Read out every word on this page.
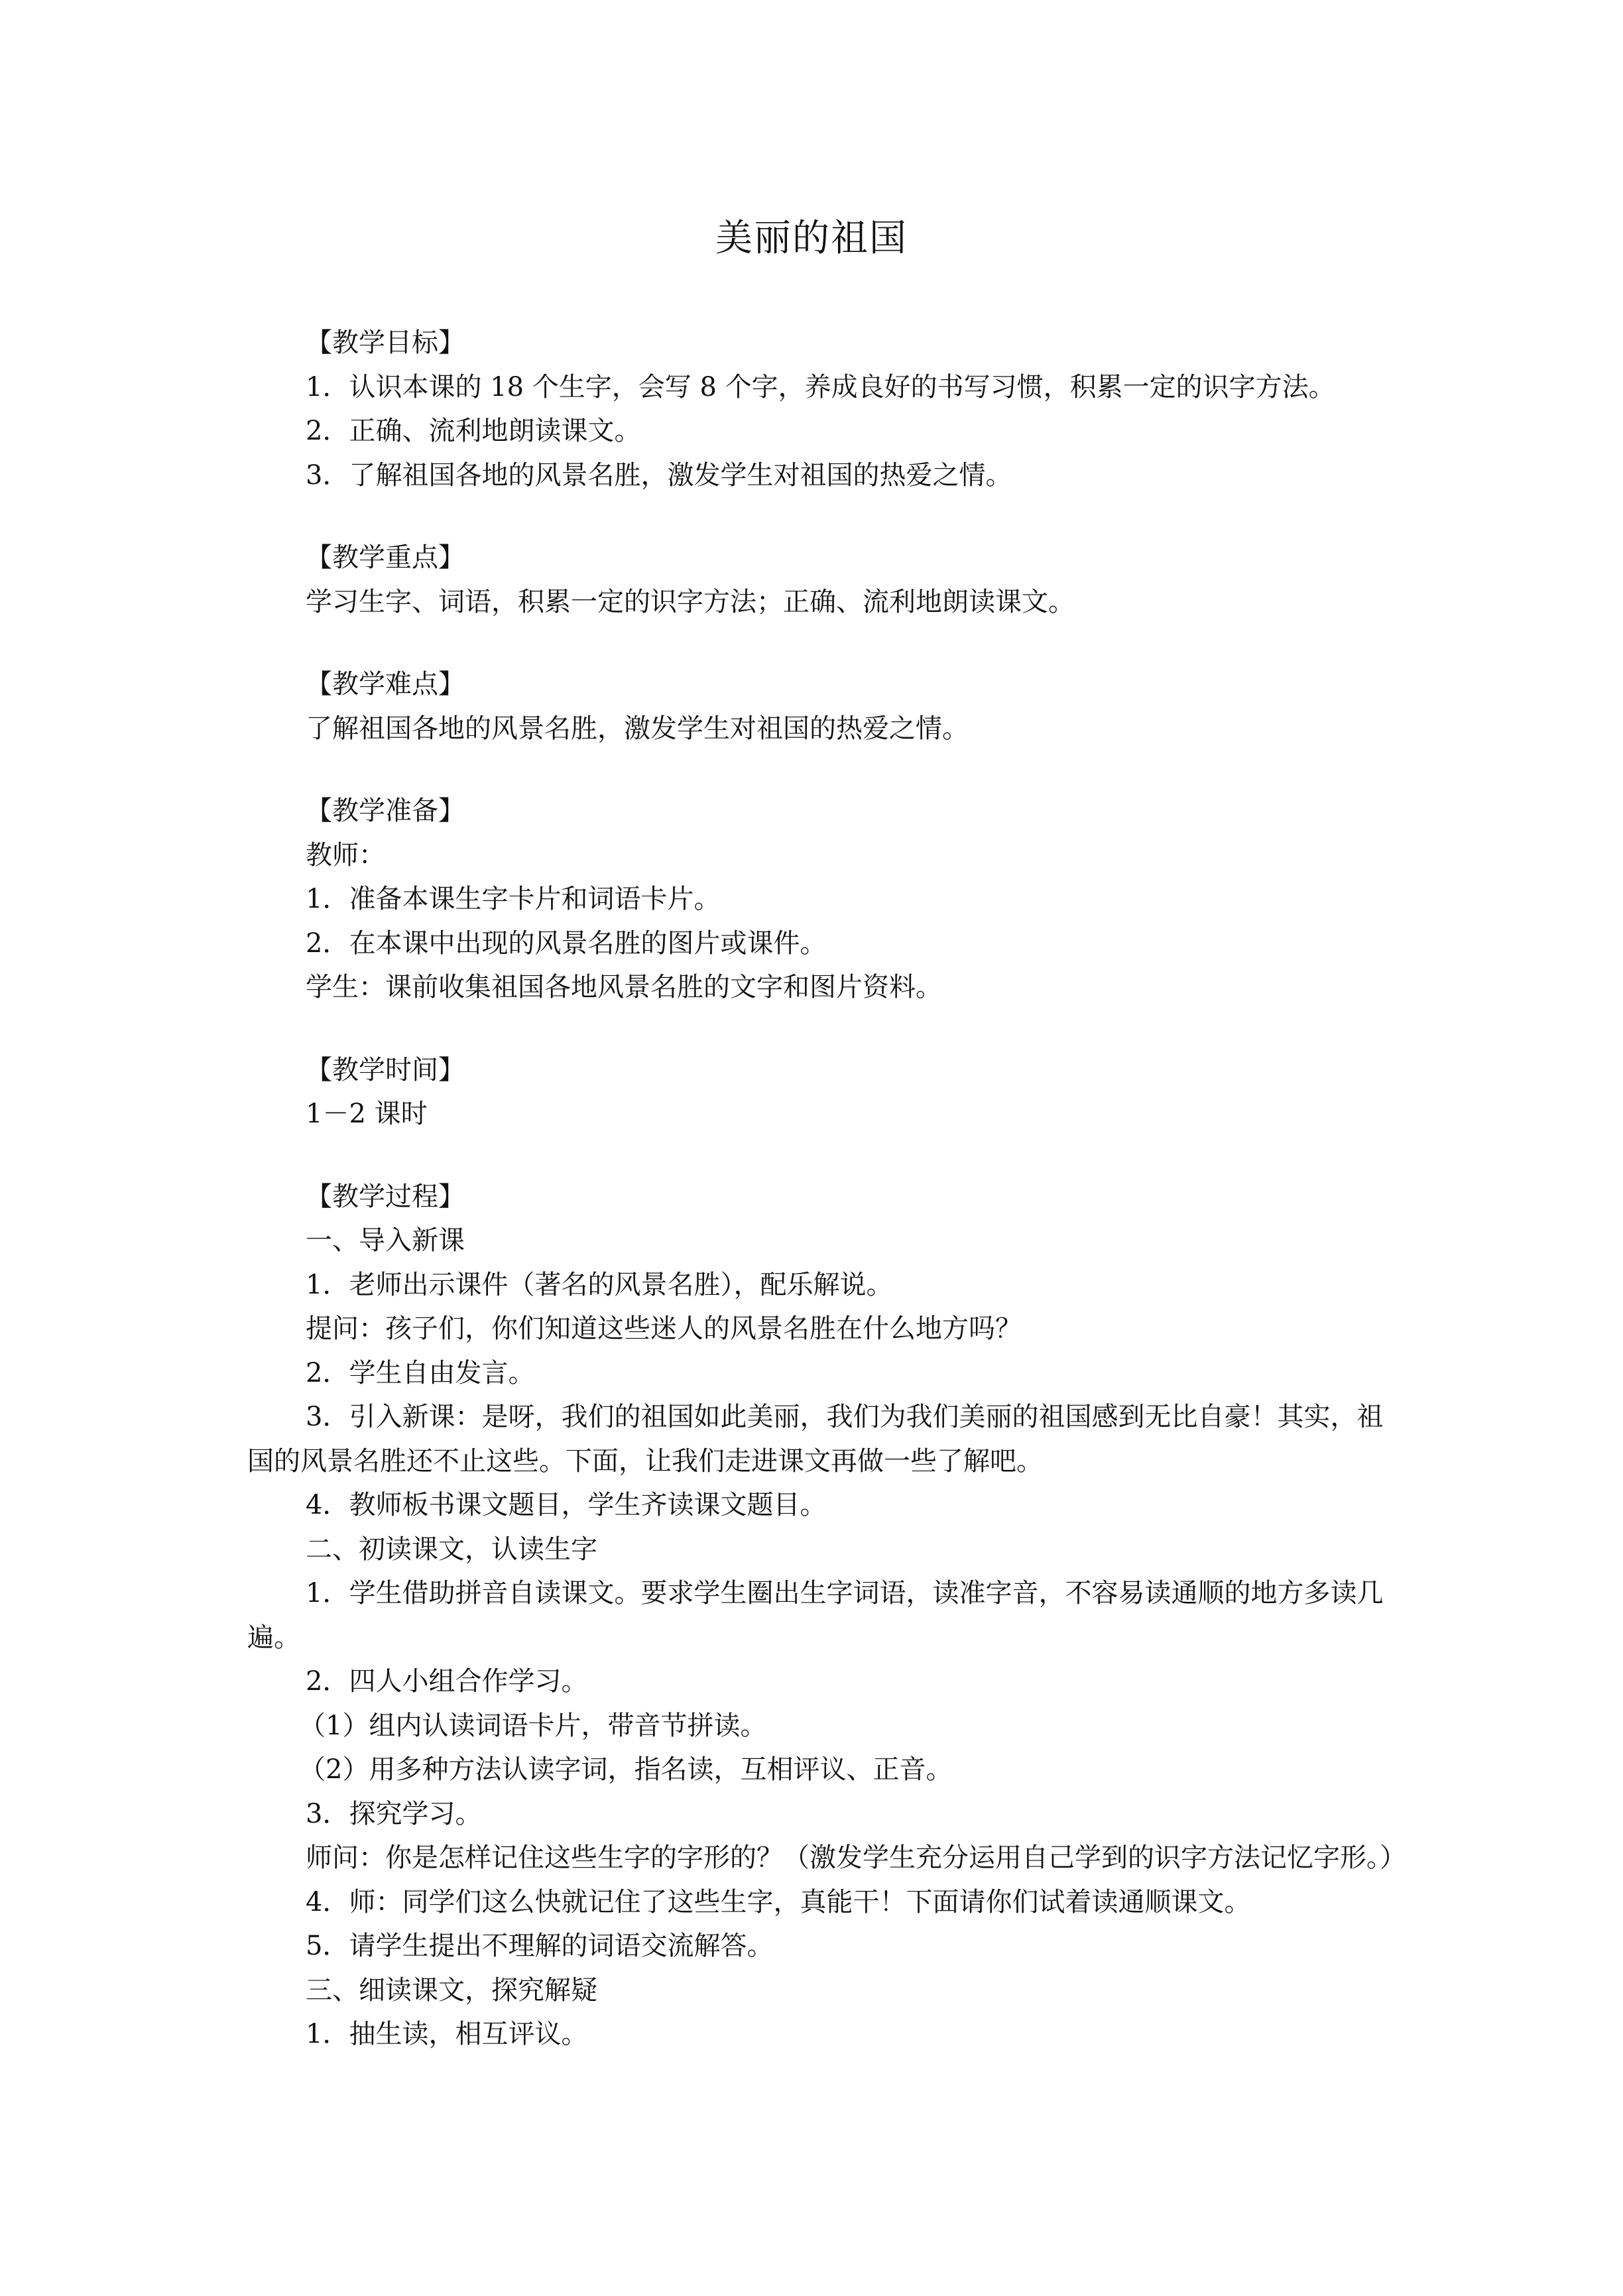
美丽的祖国

【教学目标】

1．认识本课的 18 个生字，会写 8 个字，养成良好的书写习惯，积累一定的识字方法。

2．正确、流利地朗读课文。

3．了解祖国各地的风景名胜，激发学生对祖国的热爱之情。

【教学重点】

学习生字、词语，积累一定的识字方法；正确、流利地朗读课文。

【教学难点】

了解祖国各地的风景名胜，激发学生对祖国的热爱之情。

【教学准备】

教师：

1．准备本课生字卡片和词语卡片。

2．在本课中出现的风景名胜的图片或课件。

学生：课前收集祖国各地风景名胜的文字和图片资料。

【教学时间】

1－2 课时

【教学过程】

一、导入新课

1．老师出示课件（著名的风景名胜），配乐解说。

提问：孩子们，你们知道这些迷人的风景名胜在什么地方吗？

2．学生自由发言。

3．引入新课：是呀，我们的祖国如此美丽，我们为我们美丽的祖国感到无比自豪！其实，祖国的风景名胜还不止这些。下面，让我们走进课文再做一些了解吧。

4．教师板书课文题目，学生齐读课文题目。

二、初读课文，认读生字

1．学生借助拼音自读课文。要求学生圈出生字词语，读准字音，不容易读通顺的地方多读几遍。

2．四人小组合作学习。

（1）组内认读词语卡片，带音节拼读。

（2）用多种方法认读字词，指名读，互相评议、正音。

3．探究学习。

师问：你是怎样记住这些生字的字形的？（激发学生充分运用自己学到的识字方法记忆字形。）

4．师：同学们这么快就记住了这些生字，真能干！下面请你们试着读通顺课文。

5．请学生提出不理解的词语交流解答。

三、细读课文，探究解疑

1．抽生读，相互评议。
